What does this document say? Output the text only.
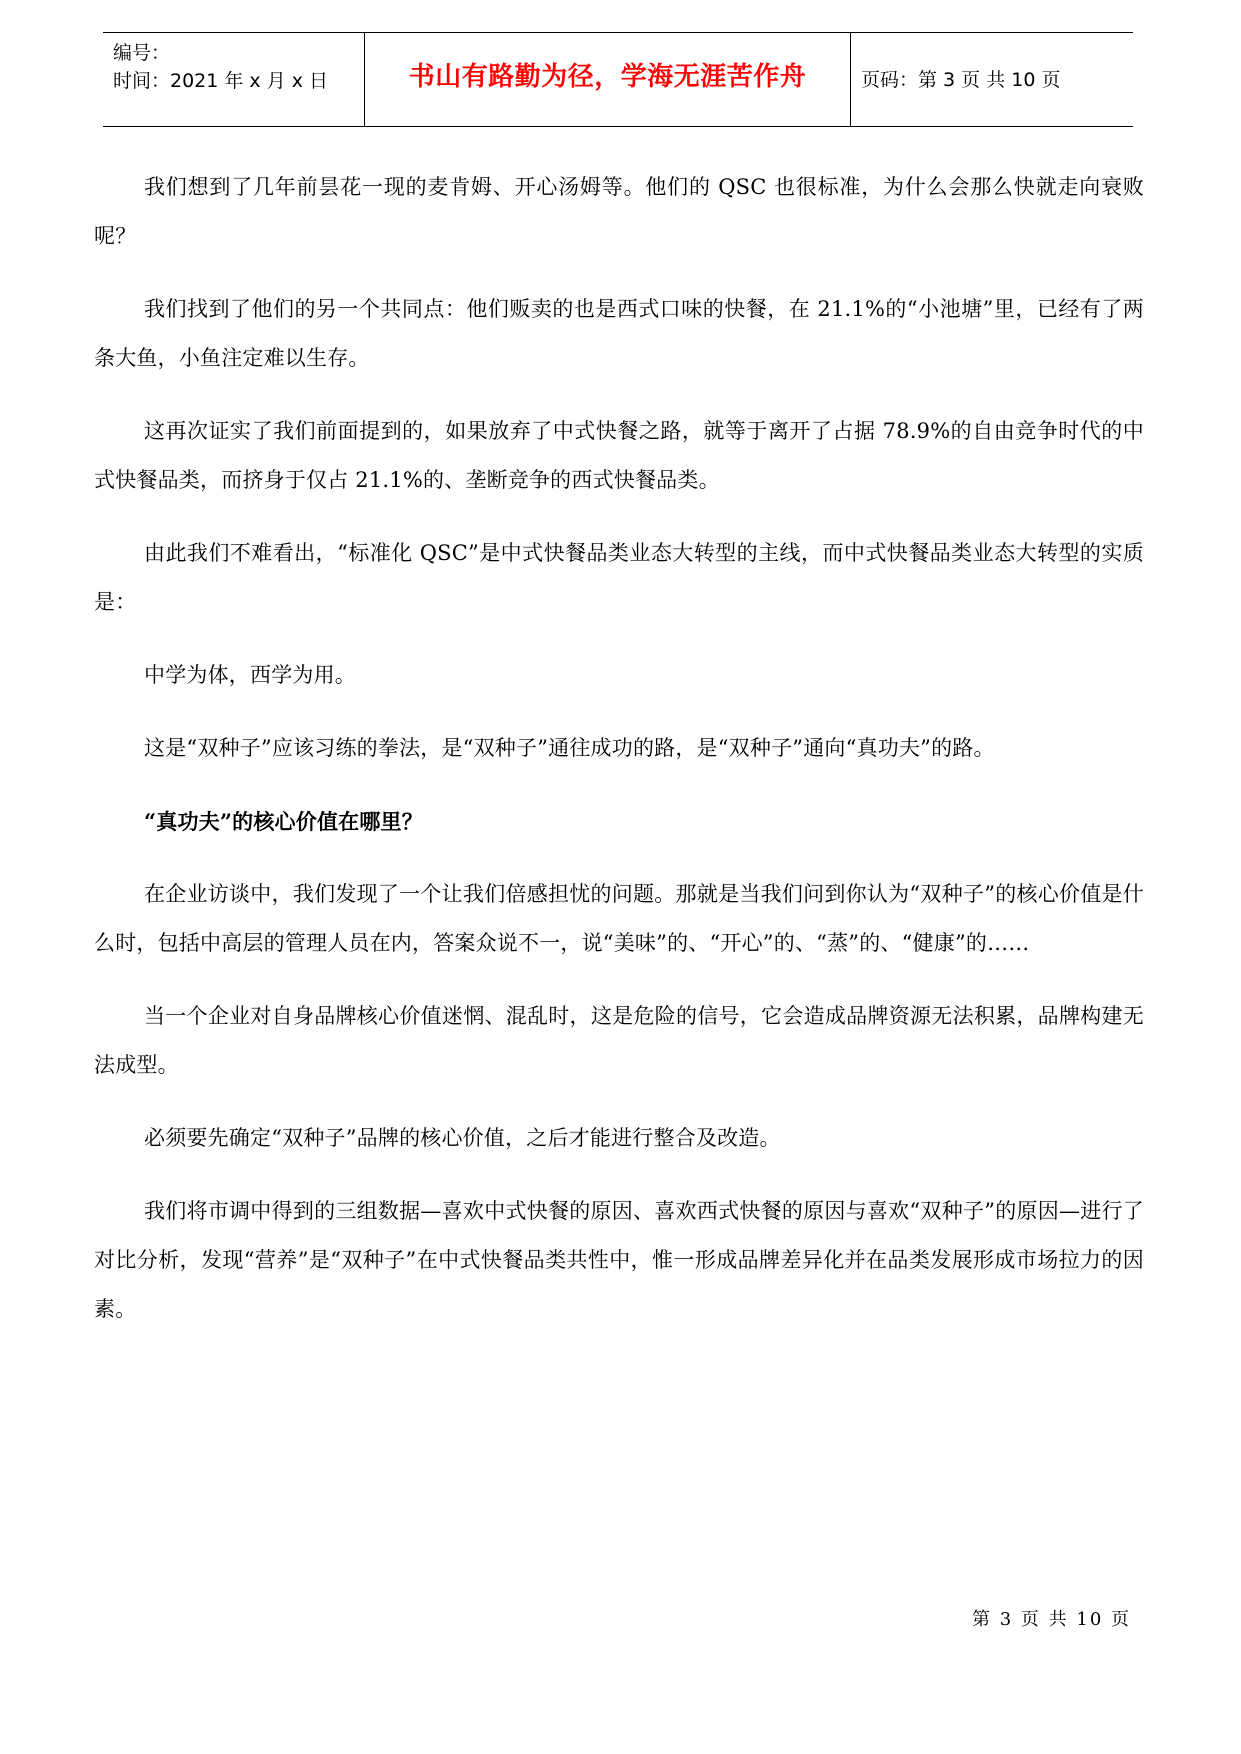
编号：
时间：2021 年 x 月 x 日	书山有路勤为径，学海无涯苦作舟	页码：第 3 页 共 10 页

我们想到了几年前昙花一现的麦肯姆、开心汤姆等。他们的 QSC 也很标准，为什么会那么快就走向衰败呢？

我们找到了他们的另一个共同点：他们贩卖的也是西式口味的快餐，在 21.1%的“小池塘”里，已经有了两条大鱼，小鱼注定难以生存。

这再次证实了我们前面提到的，如果放弃了中式快餐之路，就等于离开了占据 78.9%的自由竞争时代的中式快餐品类，而挤身于仅占 21.1%的、垄断竞争的西式快餐品类。

由此我们不难看出，“标准化 QSC”是中式快餐品类业态大转型的主线，而中式快餐品类业态大转型的实质是：

中学为体，西学为用。

这是“双种子”应该习练的拳法，是“双种子”通往成功的路，是“双种子”通向“真功夫”的路。

“真功夫”的核心价值在哪里？

在企业访谈中，我们发现了一个让我们倍感担忧的问题。那就是当我们问到你认为“双种子”的核心价值是什么时，包括中高层的管理人员在内，答案众说不一，说“美味”的、“开心”的、“蒸”的、“健康”的……

当一个企业对自身品牌核心价值迷惘、混乱时，这是危险的信号，它会造成品牌资源无法积累，品牌构建无法成型。

必须要先确定“双种子”品牌的核心价值，之后才能进行整合及改造。

我们将市调中得到的三组数据—喜欢中式快餐的原因、喜欢西式快餐的原因与喜欢“双种子”的原因—进行了对比分析，发现“营养”是“双种子”在中式快餐品类共性中，惟一形成品牌差异化并在品类发展形成市场拉力的因素。

第 3 页 共 10 页
